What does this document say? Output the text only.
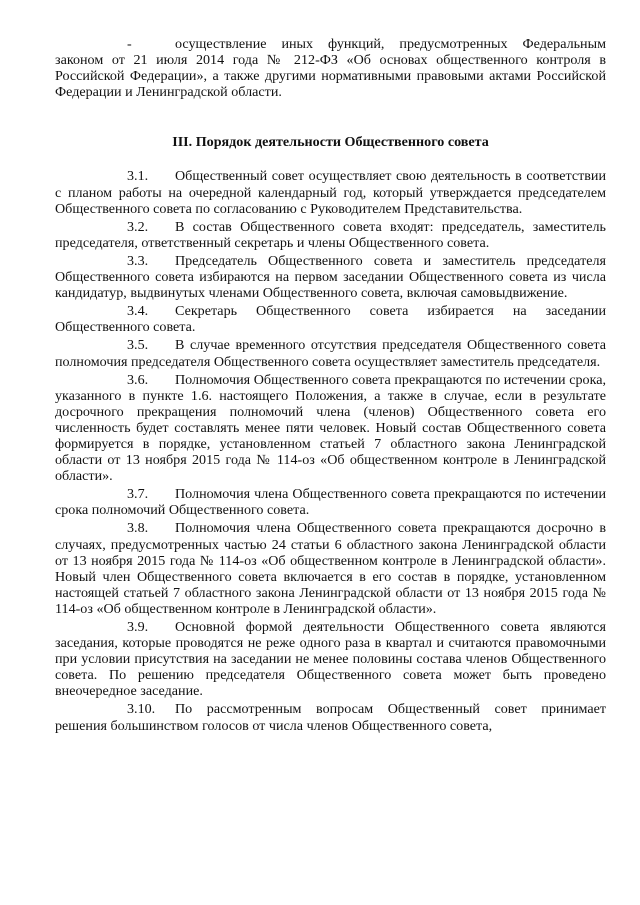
-	осуществление иных функций, предусмотренных Федеральным законом от 21 июля 2014 года № 212-ФЗ «Об основах общественного контроля в Российской Федерации», а также другими нормативными правовыми актами Российской Федерации и Ленинградской области.

III. Порядок деятельности Общественного совета

3.1. Общественный совет осуществляет свою деятельность в соответствии с планом работы на очередной календарный год, который утверждается председателем Общественного совета по согласованию с Руководителем Представительства.

3.2. В состав Общественного совета входят: председатель, заместитель председателя, ответственный секретарь и члены Общественного совета.

3.3. Председатель Общественного совета и заместитель председателя Общественного совета избираются на первом заседании Общественного совета из числа кандидатур, выдвинутых членами Общественного совета, включая самовыдвижение.

3.4. Секретарь Общественного совета избирается на заседании Общественного совета.

3.5. В случае временного отсутствия председателя Общественного совета полномочия председателя Общественного совета осуществляет заместитель председателя.

3.6. Полномочия Общественного совета прекращаются по истечении срока, указанного в пункте 1.6. настоящего Положения, а также в случае, если в результате досрочного прекращения полномочий члена (членов) Общественного совета его численность будет составлять менее пяти человек. Новый состав Общественного совета формируется в порядке, установленном статьей 7 областного закона Ленинградской области от 13 ноября 2015 года № 114-оз «Об общественном контроле в Ленинградской области».

3.7. Полномочия члена Общественного совета прекращаются по истечении срока полномочий Общественного совета.

3.8. Полномочия члена Общественного совета прекращаются досрочно в случаях, предусмотренных частью 24 статьи 6 областного закона Ленинградской области от 13 ноября 2015 года № 114-оз «Об общественном контроле в Ленинградской области». Новый член Общественного совета включается в его состав в порядке, установленном настоящей статьей 7 областного закона Ленинградской области от 13 ноября 2015 года № 114-оз «Об общественном контроле в Ленинградской области».

3.9. Основной формой деятельности Общественного совета являются заседания, которые проводятся не реже одного раза в квартал и считаются правомочными при условии присутствия на заседании не менее половины состава членов Общественного совета. По решению председателя Общественного совета может быть проведено внеочередное заседание.

3.10. По рассмотренным вопросам Общественный совет принимает решения большинством голосов от числа членов Общественного совета,
